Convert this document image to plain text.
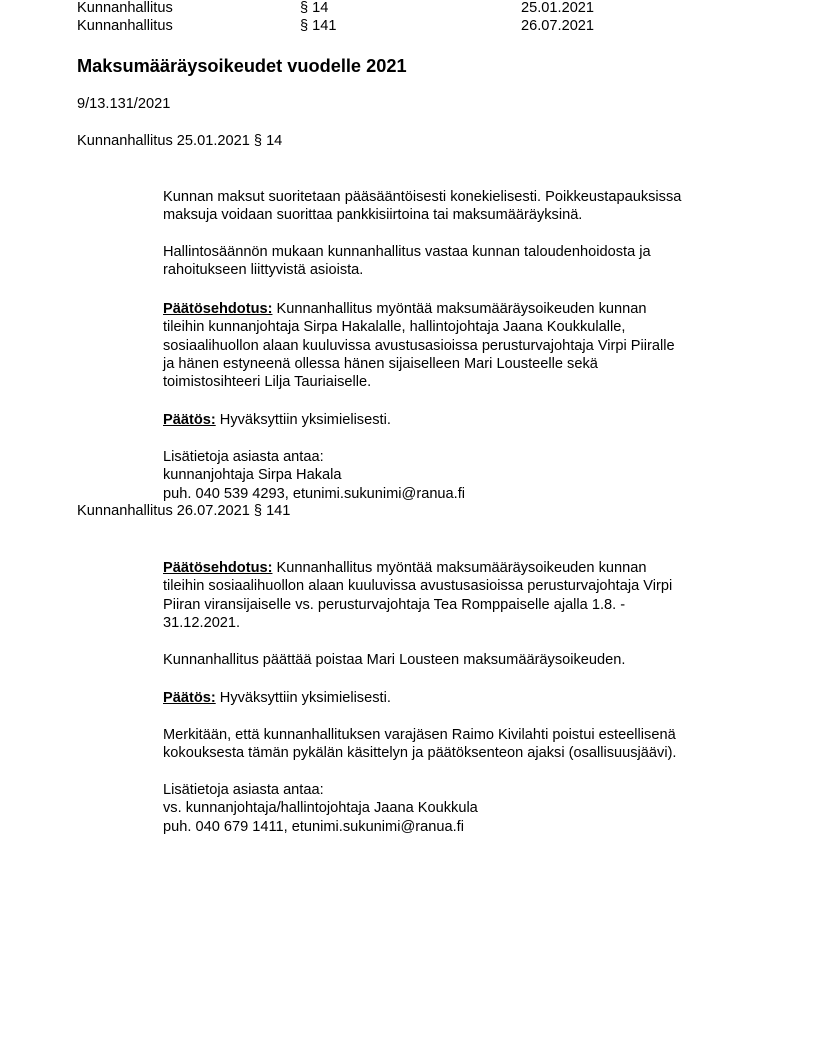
Kunnanhallitus	§ 14	25.01.2021
Kunnanhallitus	§ 141	26.07.2021
Maksumääräysoikeudet vuodelle 2021
9/13.131/2021
Kunnanhallitus 25.01.2021 § 14

Kunnan maksut suoritetaan pääsääntöisesti konekielisesti. Poikkeustapauksissa

maksuja voidaan suorittaa pankkisiirtoina tai maksumääräyksinä.

Hallintosäännön mukaan kunnanhallitus vastaa kunnan taloudenhoidosta ja

rahoitukseen liittyvistä asioista.

Päätösehdotus: Kunnanhallitus myöntää maksumääräysoikeuden kunnan

tileihin kunnanjohtaja Sirpa Hakalalle, hallintojohtaja Jaana Koukkulalle,

sosiaalihuollon alaan kuuluvissa avustusasioissa perusturvajohtaja Virpi Piiralle

ja hänen estyneenä ollessa hänen sijaiselleen Mari Lousteelle sekä

toimistosihteeri Lilja Tauriaiselle.

Päätös: Hyväksyttiin yksimielisesti.

Lisätietoja asiasta antaa:

kunnanjohtaja Sirpa Hakala

puh. 040 539 4293, etunimi.sukunimi@ranua.fi

Kunnanhallitus 26.07.2021 § 141

Päätösehdotus: Kunnanhallitus myöntää maksumääräysoikeuden kunnan

tileihin sosiaalihuollon alaan kuuluvissa avustusasioissa perusturvajohtaja Virpi

Piiran viransijaiselle vs. perusturvajohtaja Tea Romppaiselle ajalla 1.8. -

31.12.2021.

Kunnanhallitus päättää poistaa Mari Lousteen maksumääräysoikeuden.

Päätös: Hyväksyttiin yksimielisesti.

Merkitään, että kunnanhallituksen varajäsen Raimo Kivilahti poistui esteellisenä

kokouksesta tämän pykälän käsittelyn ja päätöksenteon ajaksi (osallisuusjäävi).

Lisätietoja asiasta antaa:

vs. kunnanjohtaja/hallintojohtaja Jaana Koukkula

puh. 040 679 1411, etunimi.sukunimi@ranua.fi
